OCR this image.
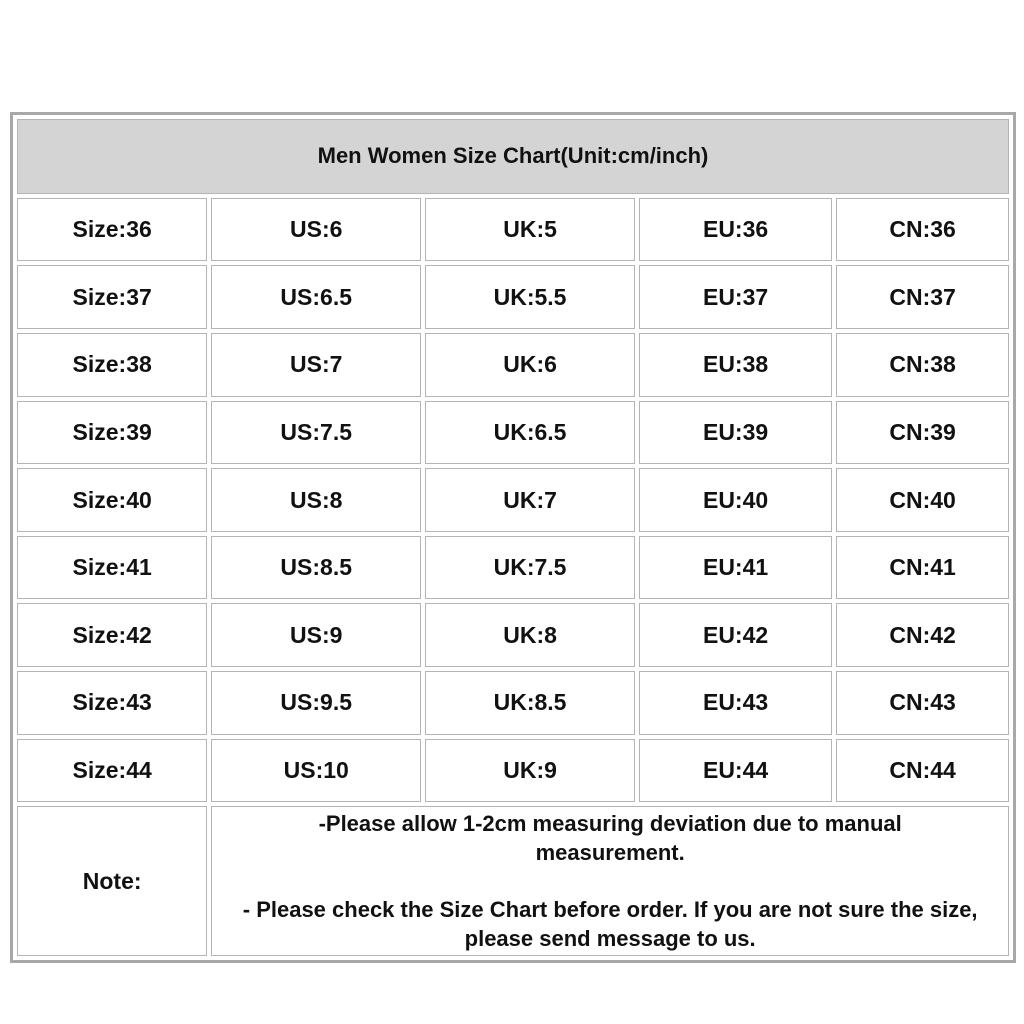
Men Women Size Chart(Unit:cm/inch)				
Size:36	US:6	UK:5	EU:36	CN:36
Size:37	US:6.5	UK:5.5	EU:37	CN:37
Size:38	US:7	UK:6	EU:38	CN:38
Size:39	US:7.5	UK:6.5	EU:39	CN:39
Size:40	US:8	UK:7	EU:40	CN:40
Size:41	US:8.5	UK:7.5	EU:41	CN:41
Size:42	US:9	UK:8	EU:42	CN:42
Size:43	US:9.5	UK:8.5	EU:43	CN:43
Size:44	US:10	UK:9	EU:44	CN:44
Note:	-Please allow 1-2cm measuring deviation due to manual measurement.
- Please check the Size Chart before order. If you are not sure the size, please send message to us.			
